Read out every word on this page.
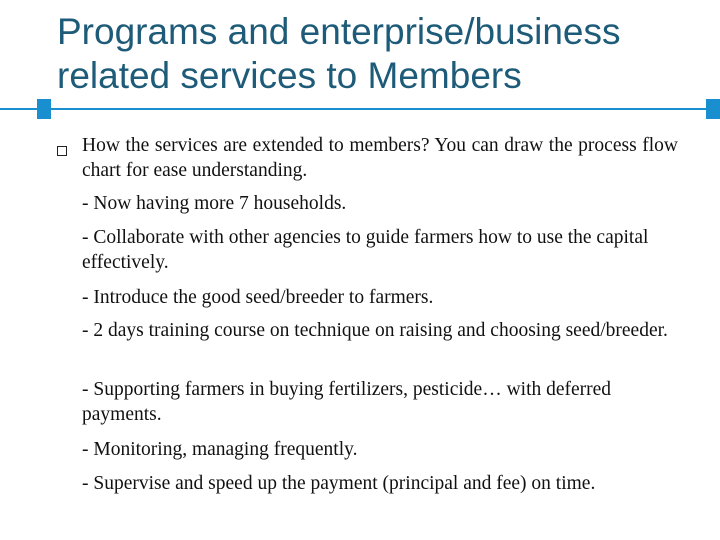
Programs and enterprise/business related services to Members
How the services are extended to members? You can draw the process flow chart for ease understanding.
- Now having more 7 households.
- Collaborate with other agencies to guide farmers how to use the capital effectively.
- Introduce the good seed/breeder to farmers.
- 2 days training course on technique on raising and choosing seed/breeder.
- Supporting farmers in buying fertilizers, pesticide… with deferred payments.
- Monitoring, managing frequently.
- Supervise and speed up the payment (principal and fee) on time.
